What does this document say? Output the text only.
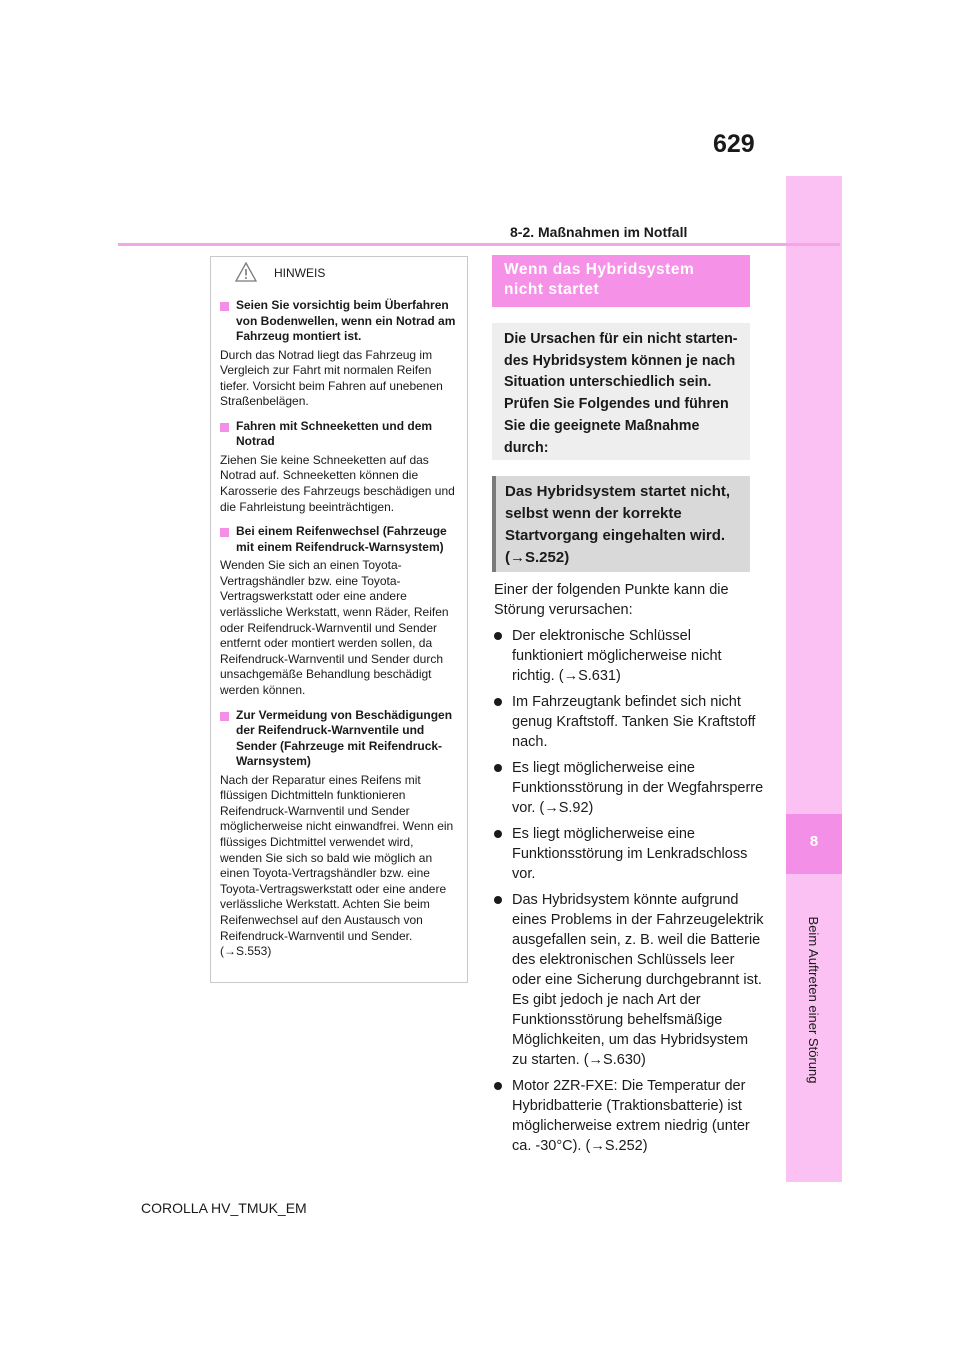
8
Beim Auftreten einer Störung
629
8-2. Maßnahmen im Notfall
HINWEIS
Seien Sie vorsichtig beim Überfahren von Bodenwellen, wenn ein Notrad am Fahrzeug montiert ist.
Durch das Notrad liegt das Fahrzeug im Vergleich zur Fahrt mit normalen Reifen tiefer. Vorsicht beim Fahren auf unebenen Straßenbelägen.
Fahren mit Schneeketten und dem Notrad
Ziehen Sie keine Schneeketten auf das Notrad auf. Schneeketten können die Karosserie des Fahrzeugs beschädigen und die Fahrleistung beeinträchtigen.
Bei einem Reifenwechsel (Fahrzeuge mit einem Reifendruck-Warnsystem)
Wenden Sie sich an einen Toyota-Vertragshändler bzw. eine Toyota-Vertragswerkstatt oder eine andere verlässliche Werkstatt, wenn Räder, Reifen oder Reifendruck-Warnventil und Sender entfernt oder montiert werden sollen, da Reifendruck-Warnventil und Sender durch unsachgemäße Behandlung beschädigt werden können.
Zur Vermeidung von Beschädigungen der Reifendruck-Warnventile und Sender (Fahrzeuge mit Reifendruck-Warnsystem)
Nach der Reparatur eines Reifens mit flüssigen Dichtmitteln funktionieren Reifendruck-Warnventil und Sender möglicherweise nicht einwandfrei. Wenn ein flüssiges Dichtmittel verwendet wird, wenden Sie sich so bald wie möglich an einen Toyota-Vertragshändler bzw. eine Toyota-Vertragswerkstatt oder eine andere verlässliche Werkstatt. Achten Sie beim Reifenwechsel auf den Austausch von Reifendruck-Warnventil und Sender. (→S.553)
Wenn das Hybridsystem nicht startet
Die Ursachen für ein nicht starten-des Hybridsystem können je nach Situation unterschiedlich sein. Prüfen Sie Folgendes und führen Sie die geeignete Maßnahme durch:
Das Hybridsystem startet nicht, selbst wenn der korrekte Startvorgang eingehalten wird. (→S.252)

Einer der folgenden Punkte kann die Störung verursachen:

Der elektronische Schlüssel funktioniert möglicherweise nicht richtig. (→S.631)
Im Fahrzeugtank befindet sich nicht genug Kraftstoff. Tanken Sie Kraftstoff nach.
Es liegt möglicherweise eine Funktionsstörung in der Wegfahrsperre vor. (→S.92)
Es liegt möglicherweise eine Funktionsstörung im Lenkradschloss vor.
Das Hybridsystem könnte aufgrund eines Problems in der Fahrzeugelektrik ausgefallen sein, z. B. weil die Batterie des elektronischen Schlüssels leer oder eine Sicherung durchgebrannt ist. Es gibt jedoch je nach Art der Funktionsstörung behelfsmäßige Möglichkeiten, um das Hybridsystem zu starten. (→S.630)
Motor 2ZR-FXE: Die Temperatur der Hybridbatterie (Traktionsbatterie) ist möglicherweise extrem niedrig (unter ca. -30°C). (→S.252)
COROLLA HV_TMUK_EM
